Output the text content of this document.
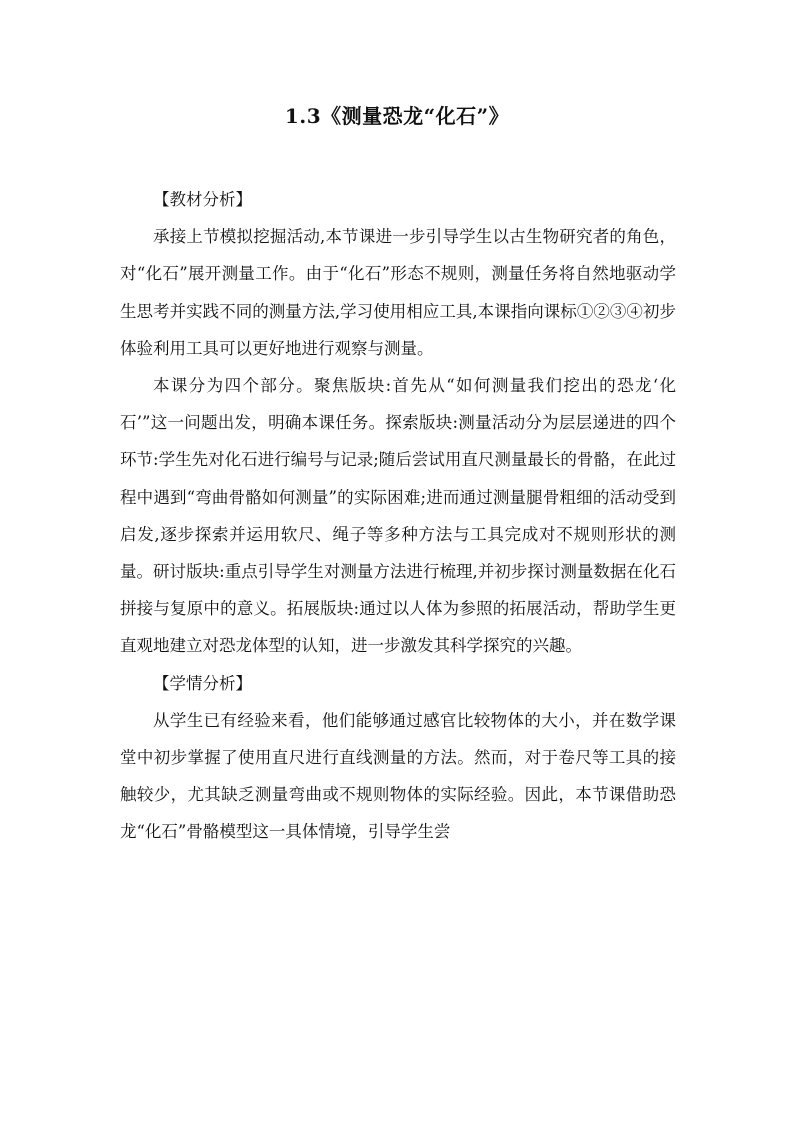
1.3《测量恐龙“化石”》
【教材分析】

承接上节模拟挖掘活动,本节课进一步引导学生以古生物研究者的角色，对“化石”展开测量工作。由于“化石”形态不规则，测量任务将自然地驱动学生思考并实践不同的测量方法,学习使用相应工具,本课指向课标①②③④初步体验利用工具可以更好地进行观察与测量。

本课分为四个部分。聚焦版块:首先从“如何测量我们挖出的恐龙‘化石’”这一问题出发，明确本课任务。探索版块:测量活动分为层层递进的四个环节:学生先对化石进行编号与记录;随后尝试用直尺测量最长的骨骼，在此过程中遇到“弯曲骨骼如何测量”的实际困难;进而通过测量腿骨粗细的活动受到启发,逐步探索并运用软尺、绳子等多种方法与工具完成对不规则形状的测量。研讨版块:重点引导学生对测量方法进行梳理,并初步探讨测量数据在化石拼接与复原中的意义。拓展版块:通过以人体为参照的拓展活动，帮助学生更直观地建立对恐龙体型的认知，进一步激发其科学探究的兴趣。

【学情分析】

从学生已有经验来看，他们能够通过感官比较物体的大小，并在数学课堂中初步掌握了使用直尺进行直线测量的方法。然而，对于卷尺等工具的接触较少，尤其缺乏测量弯曲或不规则物体的实际经验。因此，本节课借助恐龙“化石”骨骼模型这一具体情境，引导学生尝
